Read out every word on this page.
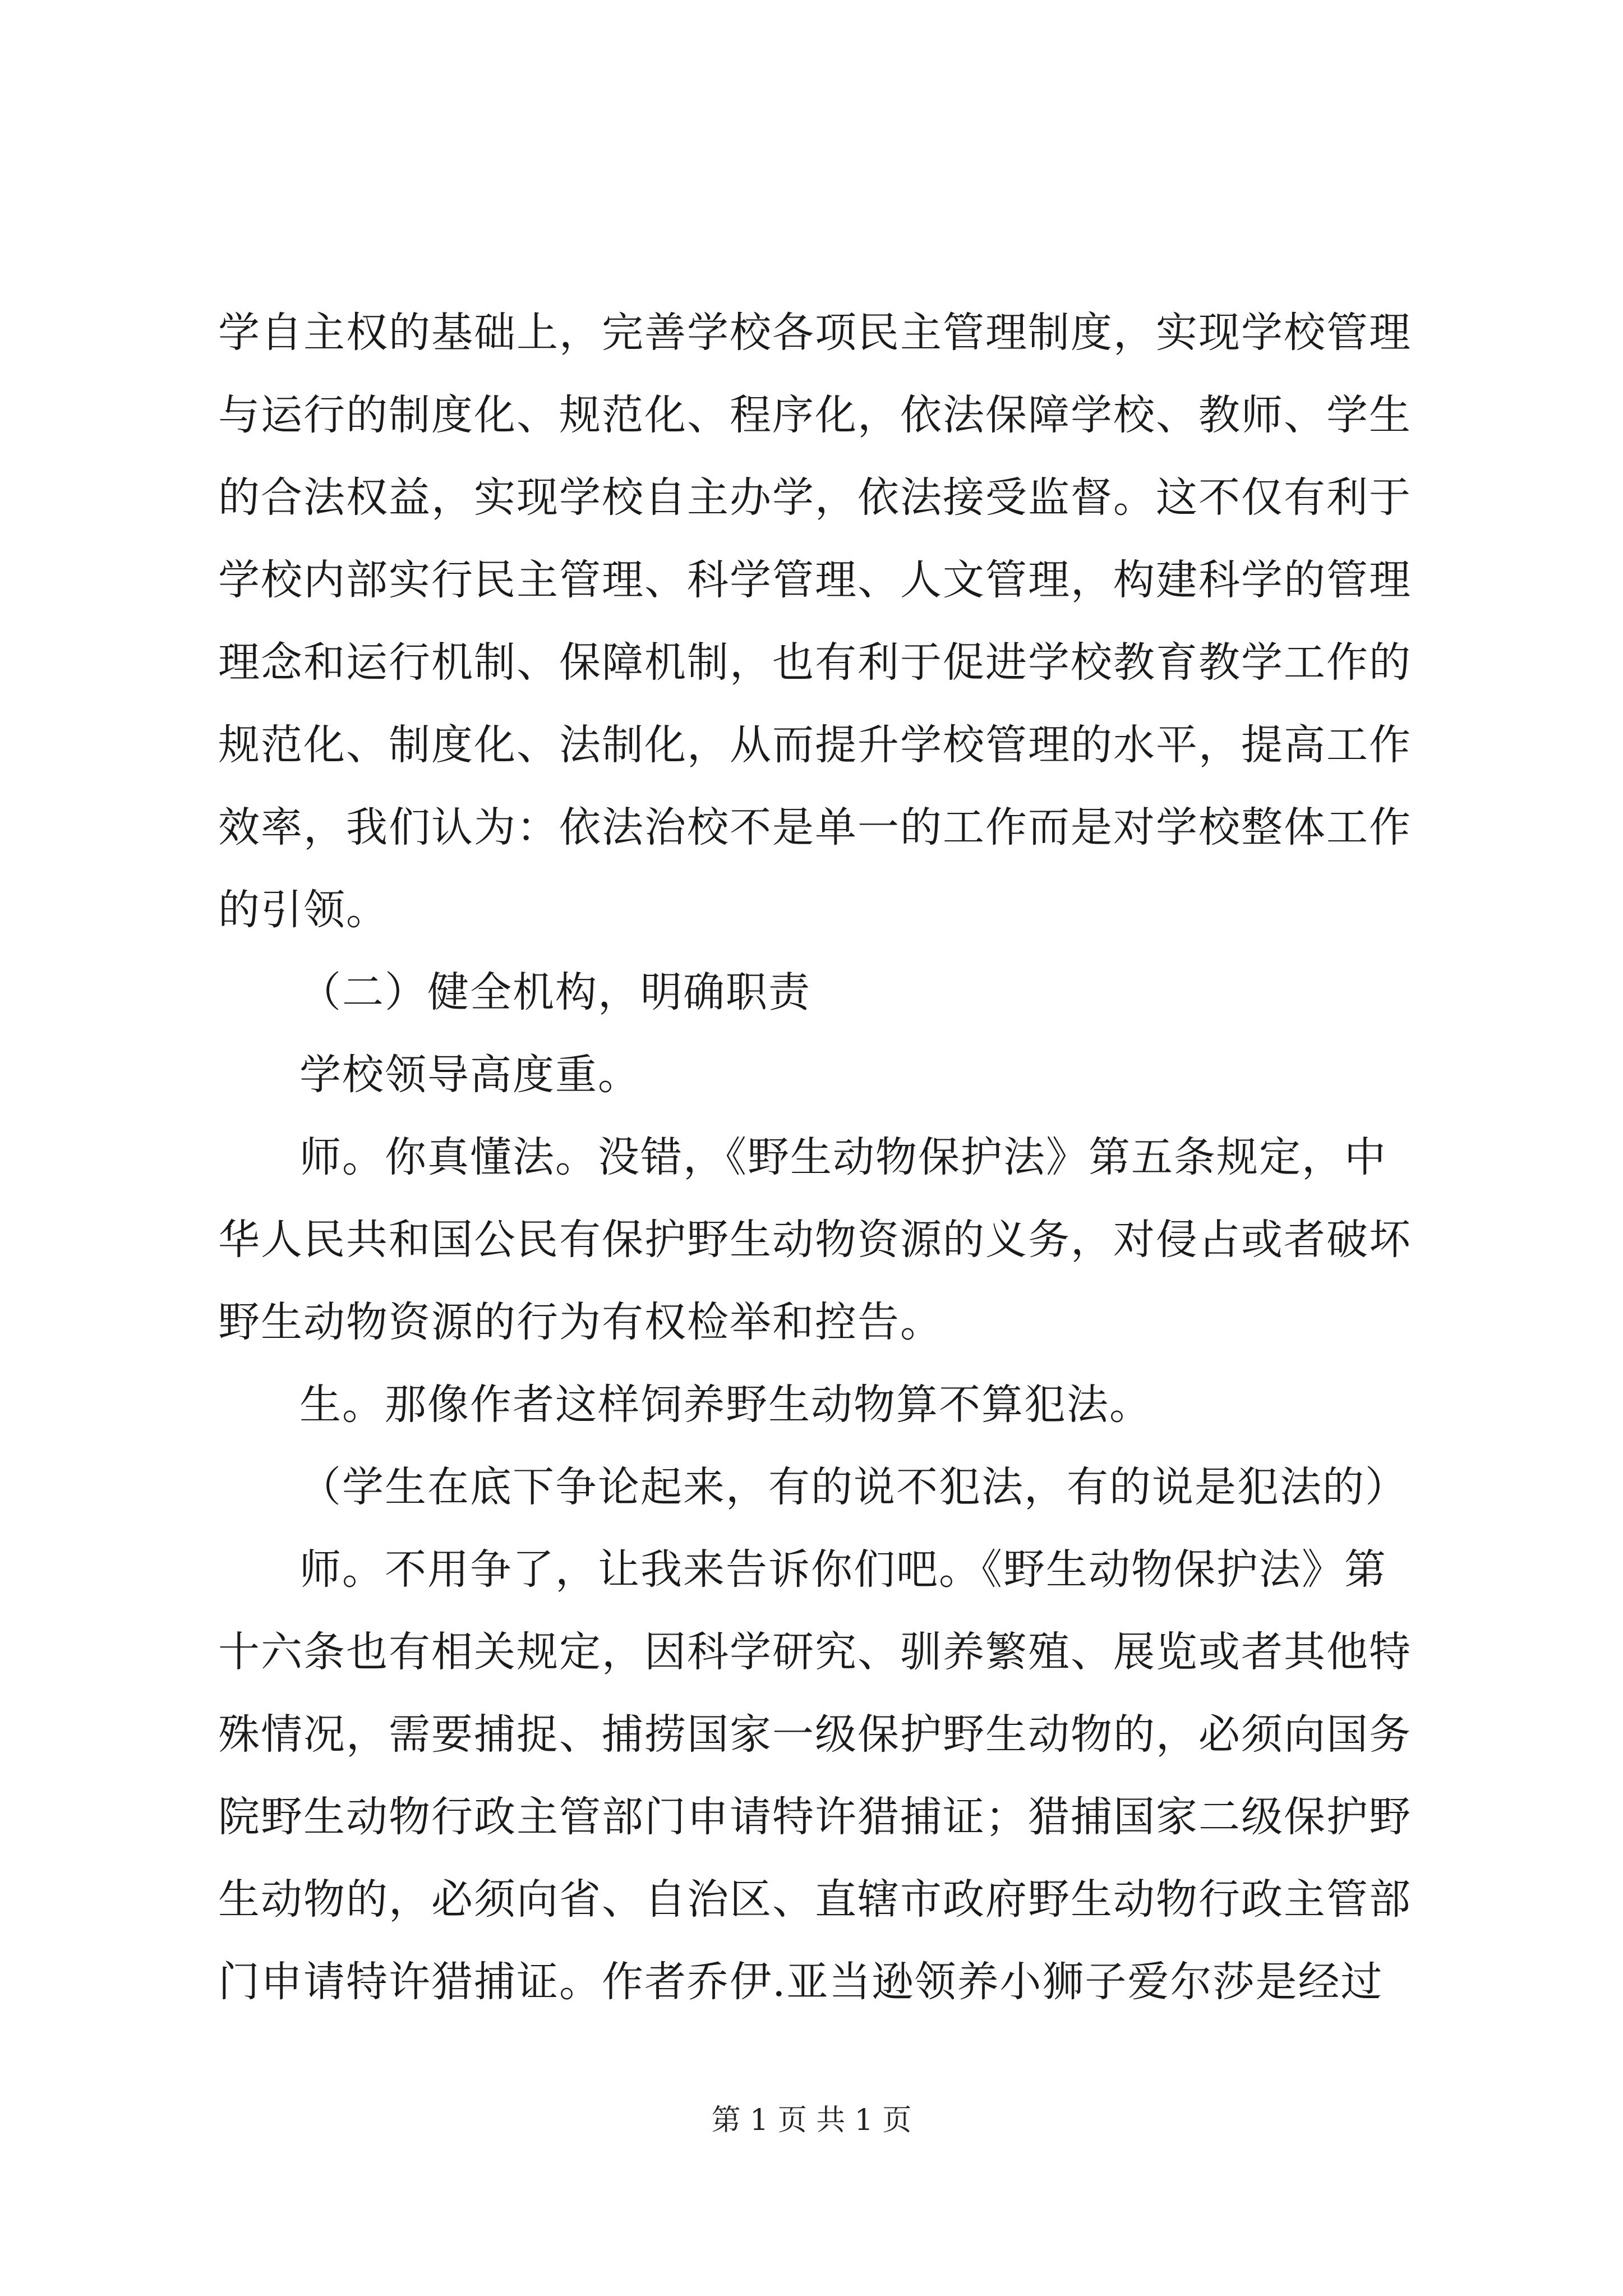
学自主权的基础上，完善学校各项民主管理制度，实现学校管理
与运行的制度化、规范化、程序化，依法保障学校、教师、学生
的合法权益，实现学校自主办学，依法接受监督。这不仅有利于
学校内部实行民主管理、科学管理、人文管理，构建科学的管理
理念和运行机制、保障机制，也有利于促进学校教育教学工作的
规范化、制度化、法制化，从而提升学校管理的水平，提高工作
效率，我们认为：依法治校不是单一的工作而是对学校整体工作
的引领。
（二）健全机构，明确职责
学校领导高度重。
师。你真懂法。没错，《野生动物保护法》第五条规定，中
华人民共和国公民有保护野生动物资源的义务，对侵占或者破坏
野生动物资源的行为有权检举和控告。
生。那像作者这样饲养野生动物算不算犯法。
（学生在底下争论起来，有的说不犯法，有的说是犯法的）
师。不用争了，让我来告诉你们吧。《野生动物保护法》第
十六条也有相关规定，因科学研究、驯养繁殖、展览或者其他特
殊情况，需要捕捉、捕捞国家一级保护野生动物的，必须向国务
院野生动物行政主管部门申请特许猎捕证；猎捕国家二级保护野
生动物的，必须向省、自治区、直辖市政府野生动物行政主管部
门申请特许猎捕证。作者乔伊.亚当逊领养小狮子爱尔莎是经过
第 1 页 共 1 页
